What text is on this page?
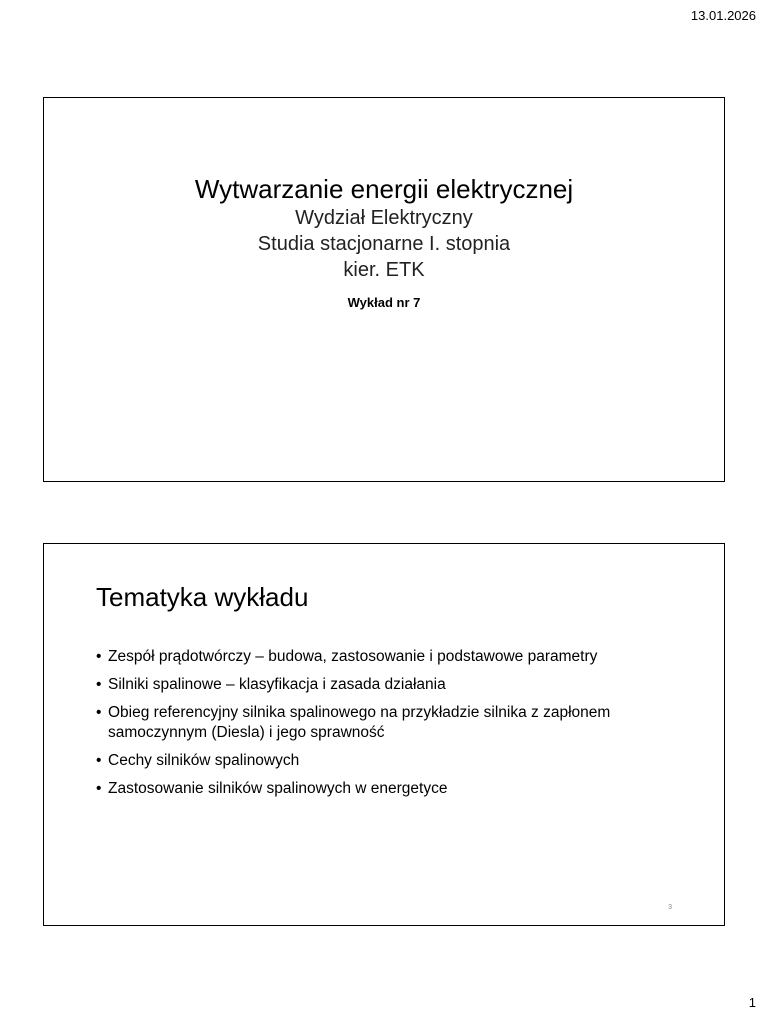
13.01.2026
Wytwarzanie energii elektrycznej
Wydział Elektryczny
Studia stacjonarne I. stopnia
kier. ETK
Wykład nr 7
Tematyka wykładu
• Zespół prądotwórczy – budowa, zastosowanie i podstawowe parametry
• Silniki spalinowe – klasyfikacja i zasada działania
• Obieg referencyjny silnika spalinowego na przykładzie silnika z zapłonem samoczynnym (Diesla) i jego sprawność
• Cechy silników spalinowych
• Zastosowanie silników spalinowych w energetyce
3
1
